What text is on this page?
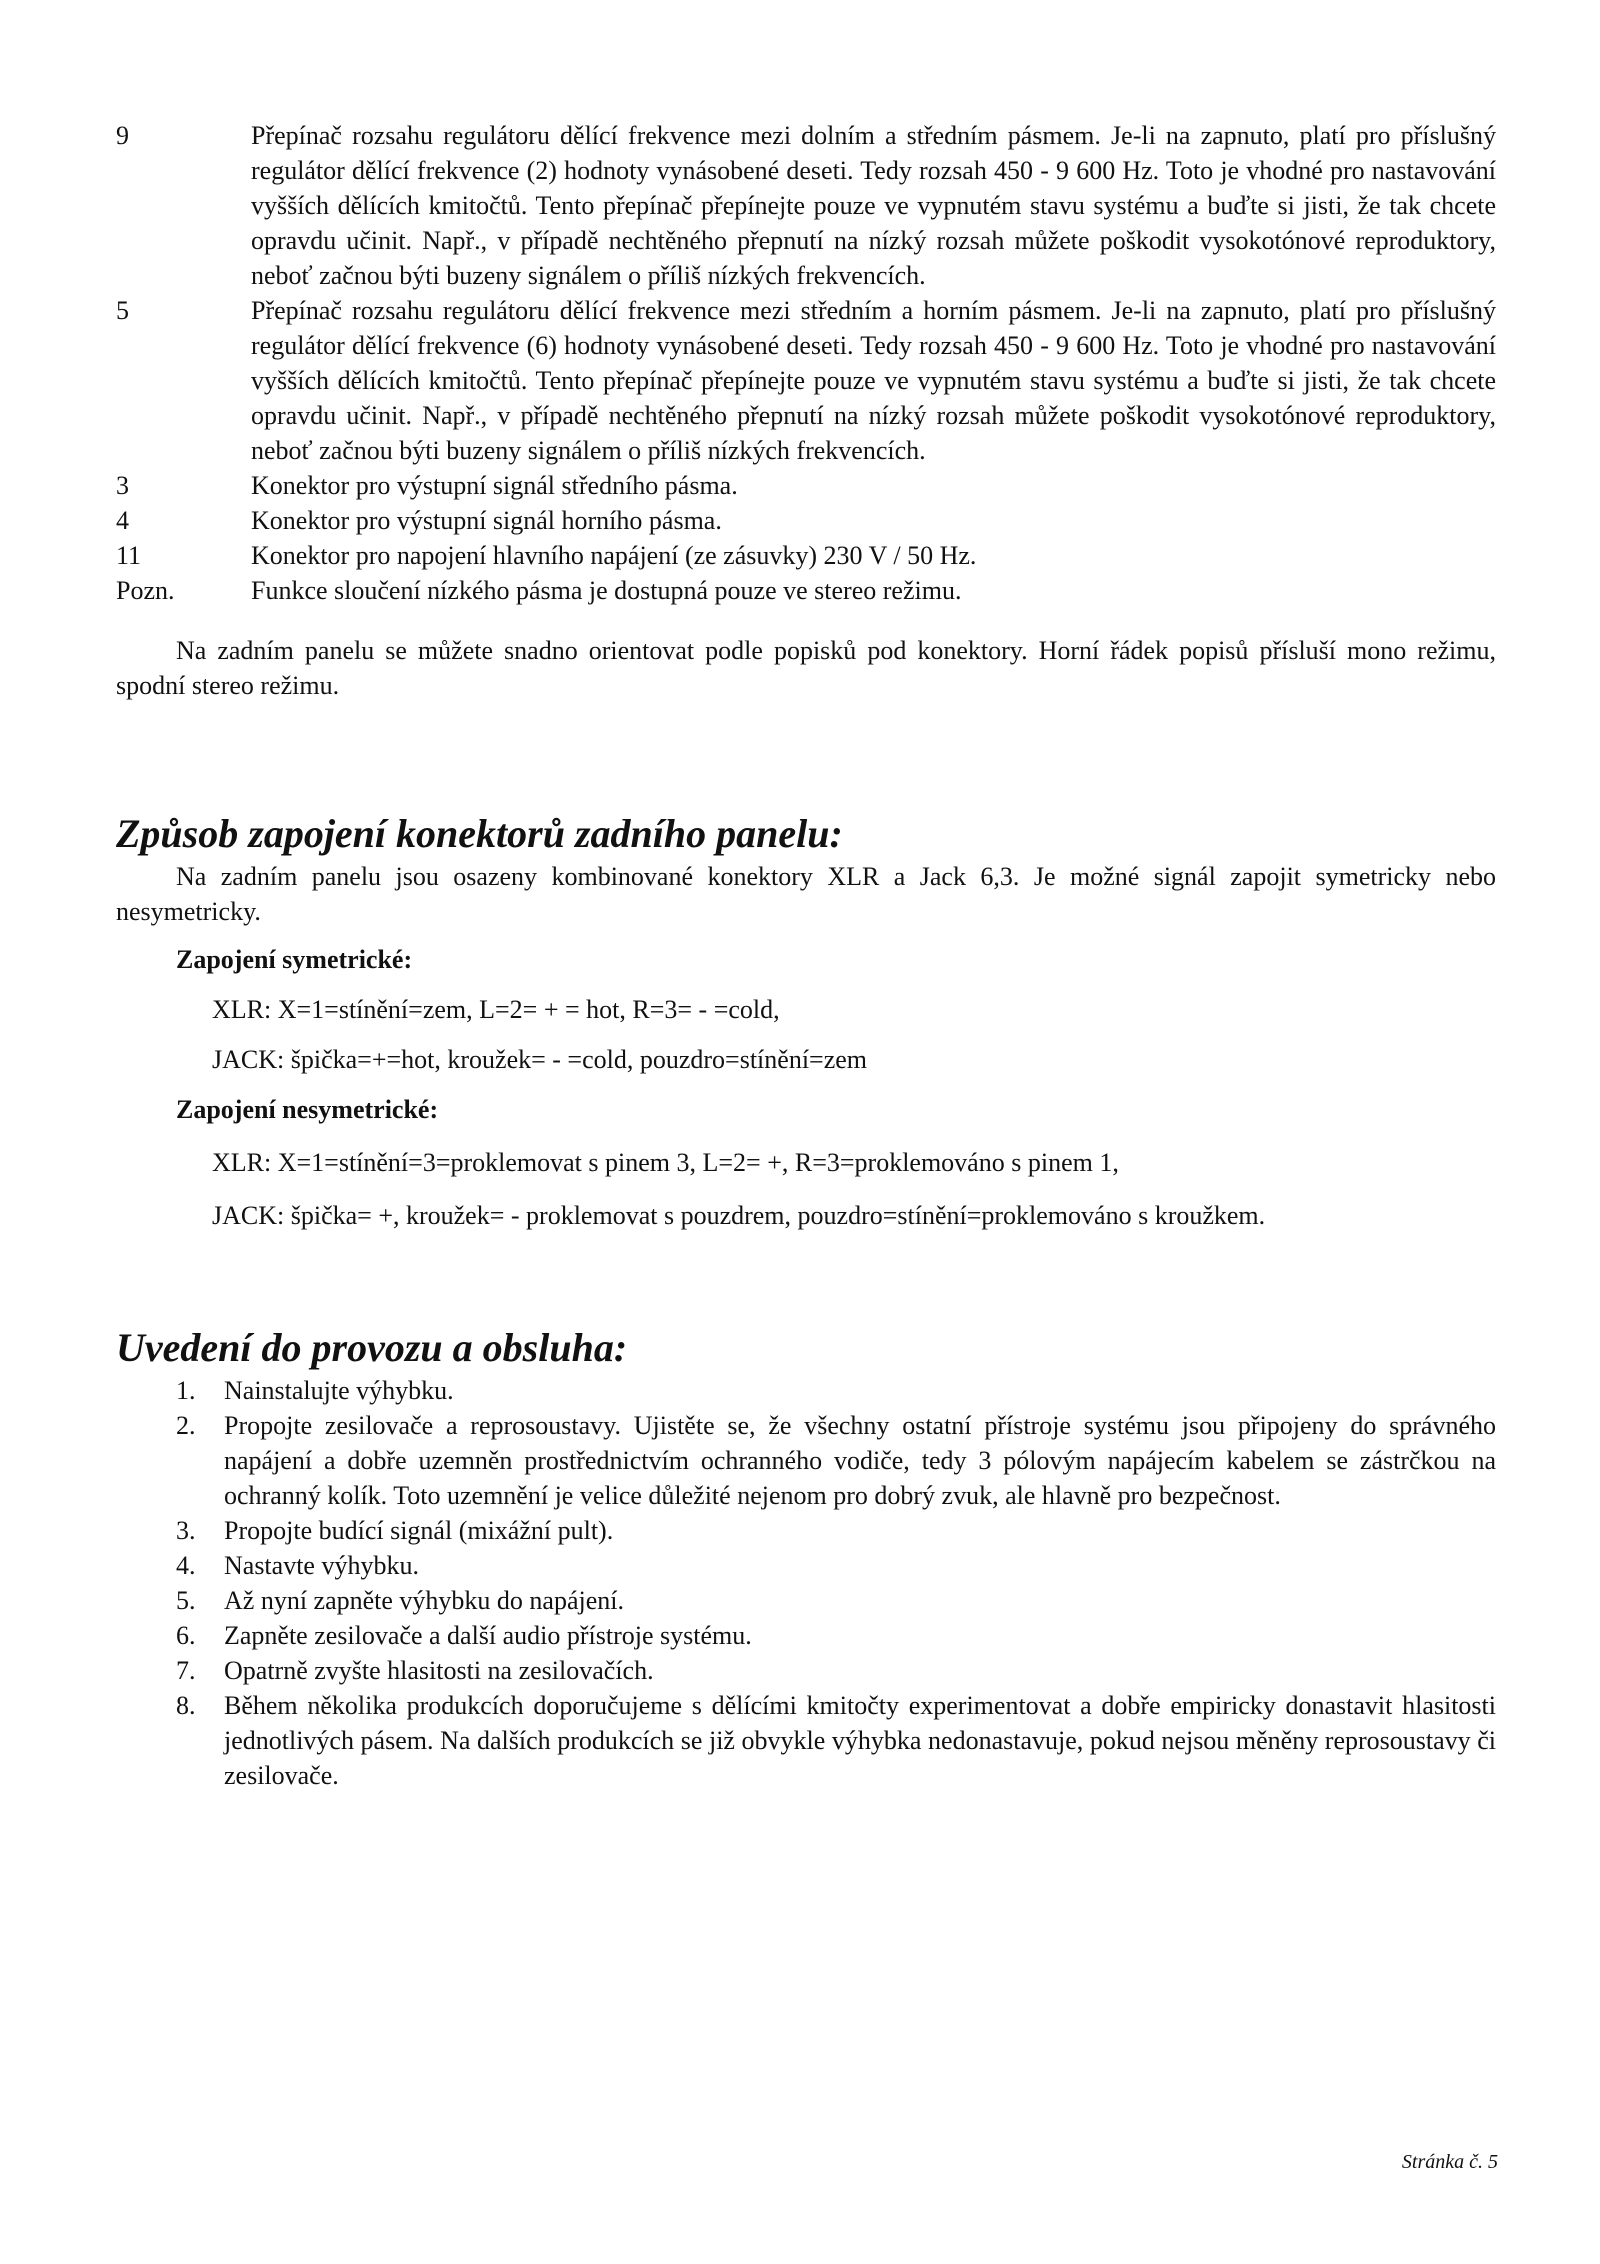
9	Přepínač rozsahu regulátoru dělící frekvence mezi dolním a středním pásmem. Je-li na zapnuto, platí pro příslušný regulátor dělící frekvence (2) hodnoty vynásobené deseti. Tedy rozsah 450 - 9 600 Hz. Toto je vhodné pro nastavování vyšších dělících kmitočtů. Tento přepínač přepínejte pouze ve vypnutém stavu systému a buďte si jisti, že tak chcete opravdu učinit. Např., v případě nechtěného přepnutí na nízký rozsah můžete poškodit vysokotónové reproduktory, neboť začnou býti buzeny signálem o příliš nízkých frekvencích.
5	Přepínač rozsahu regulátoru dělící frekvence mezi středním a horním pásmem. Je-li na zapnuto, platí pro příslušný regulátor dělící frekvence (6) hodnoty vynásobené deseti. Tedy rozsah 450 - 9 600 Hz. Toto je vhodné pro nastavování vyšších dělících kmitočtů. Tento přepínač přepínejte pouze ve vypnutém stavu systému a buďte si jisti, že tak chcete opravdu učinit. Např., v případě nechtěného přepnutí na nízký rozsah můžete poškodit vysokotónové reproduktory, neboť začnou býti buzeny signálem o příliš nízkých frekvencích.
3	Konektor pro výstupní signál středního pásma.
4	Konektor pro výstupní signál horního pásma.
11	Konektor pro napojení hlavního napájení (ze zásuvky) 230 V / 50 Hz.
Pozn.	Funkce sloučení nízkého pásma je dostupná pouze ve stereo režimu.
Na zadním panelu se můžete snadno orientovat podle popisků pod konektory. Horní řádek popisů přísluší mono režimu, spodní stereo režimu.
Způsob zapojení konektorů zadního panelu:
Na zadním panelu jsou osazeny kombinované konektory XLR a Jack 6,3. Je možné signál zapojit symetricky nebo nesymetricky.
Zapojení symetrické:
XLR: X=1=stínění=zem, L=2= + = hot, R=3= - =cold,
JACK: špička=+=hot, kroužek= - =cold, pouzdro=stínění=zem
Zapojení nesymetrické:
XLR: X=1=stínění=3=proklemovat s pinem 3, L=2= +, R=3=proklemováno s pinem 1,
JACK: špička= +, kroužek= - proklemovat s pouzdrem, pouzdro=stínění=proklemováno s kroužkem.
Uvedení do provozu a obsluha:
1.	Nainstalujte výhybku.
2.	Propojte zesilovače a reprosoustavy. Ujistěte se, že všechny ostatní přístroje systému jsou připojeny do správného napájení a dobře uzemněn prostřednictvím ochranného vodiče, tedy 3 pólovým napájecím kabelem se zástrčkou na ochranný kolík. Toto uzemnění je velice důležité nejenom pro dobrý zvuk, ale hlavně pro bezpečnost.
3.	Propojte budící signál (mixážní pult).
4.	Nastavte výhybku.
5.	Až nyní zapněte výhybku do napájení.
6.	Zapněte zesilovače a další audio přístroje systému.
7.	Opatrně zvyšte hlasitosti na zesilovačích.
8.	Během několika produkcích doporučujeme s dělícími kmitočty experimentovat a dobře empiricky donastavit hlasitosti jednotlivých pásem. Na dalších produkcích se již obvykle výhybka nedonastavuje, pokud nejsou měněny reprosoustavy či zesilovače.
Stránka č. 5
